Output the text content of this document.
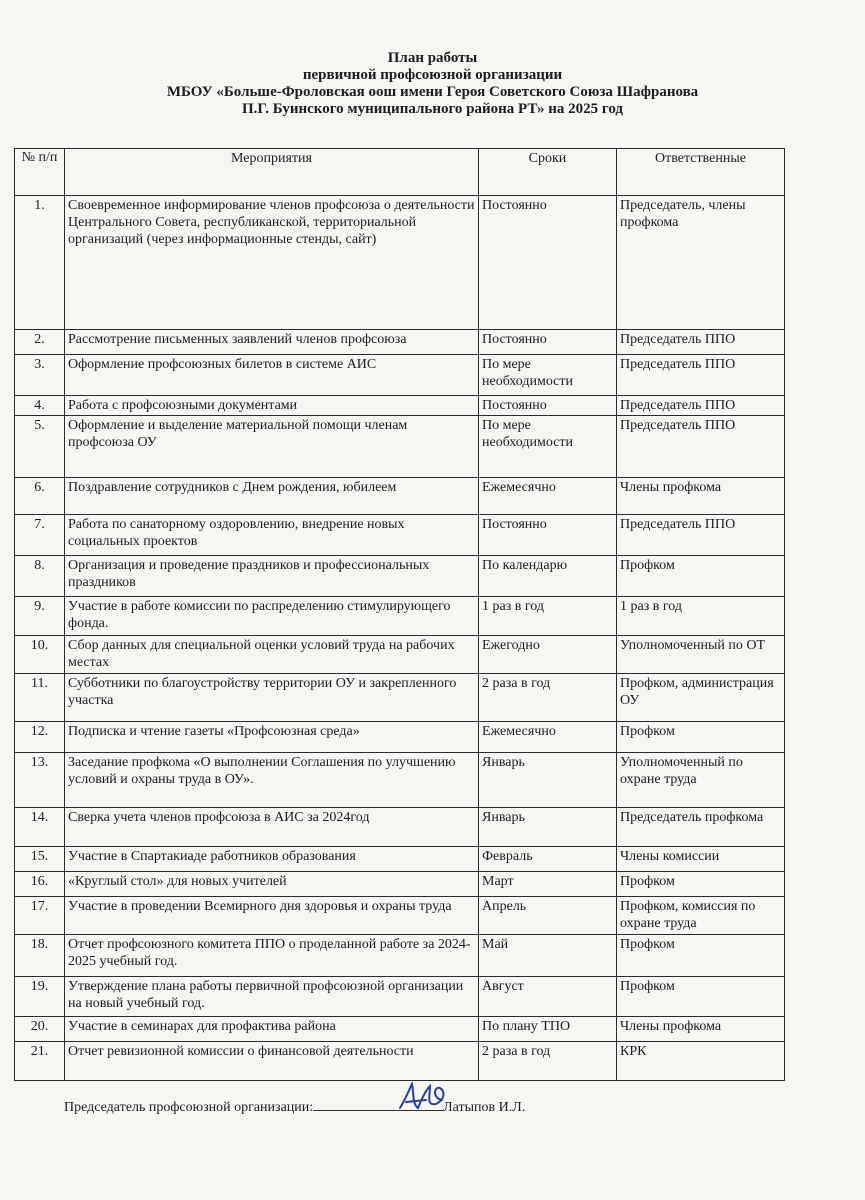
План работы
первичной профсоюзной организации
МБОУ «Больше-Фроловская оош имени Героя Советского Союза Шафранова
П.Г. Буинского муниципального района РТ» на 2025 год
№ п/п	Мероприятия	Сроки	Ответственные
1.	Своевременное информирование членов профсоюза о деятельности Центрального Совета, республиканской, территориальной организаций (через информационные стенды, сайт)	Постоянно	Председатель, члены профкома
2.	Рассмотрение письменных заявлений членов профсоюза	Постоянно	Председатель ППО
3.	Оформление профсоюзных билетов в системе АИС	По мере необходимости	Председатель ППО
4.	Работа с профсоюзными документами	Постоянно	Председатель ППО
5.	Оформление и выделение материальной помощи членам профсоюза ОУ	По мере необходимости	Председатель ППО
6.	Поздравление сотрудников с Днем рождения, юбилеем	Ежемесячно	Члены профкома
7.	Работа по санаторному оздоровлению, внедрение новых социальных проектов	Постоянно	Председатель ППО
8.	Организация и проведение праздников и профессиональных праздников	По календарю	Профком
9.	Участие в работе комиссии по распределению стимулирующего фонда.	1 раз в год	1 раз в год
10.	Сбор данных для специальной оценки условий труда на рабочих местах	Ежегодно	Уполномоченный по ОТ
11.	Субботники по благоустройству территории ОУ и закрепленного участка	2 раза в год	Профком, администрация ОУ
12.	Подписка и чтение газеты «Профсоюзная среда»	Ежемесячно	Профком
13.	Заседание профкома «О выполнении Соглашения по улучшению условий и охраны труда в ОУ».	Январь	Уполномоченный по охране труда
14.	Сверка учета членов профсоюза в АИС за 2024год	Январь	Председатель профкома
15.	Участие в Спартакиаде работников образования	Февраль	Члены комиссии
16.	«Круглый стол» для новых учителей	Март	Профком
17.	Участие в проведении Всемирного дня здоровья и охраны труда	Апрель	Профком, комиссия по охране труда
18.	Отчет профсоюзного комитета ППО о проделанной работе за 2024- 2025 учебный год.	Май	Профком
19.	Утверждение плана работы первичной профсоюзной организации на новый учебный год.	Август	Профком
20.	Участие в семинарах для профактива района	По плану ТПО	Члены профкома
21.	Отчет ревизионной комиссии о финансовой деятельности	2 раза в год	КРК
Председатель профсоюзной организации:	Латыпов И.Л.
